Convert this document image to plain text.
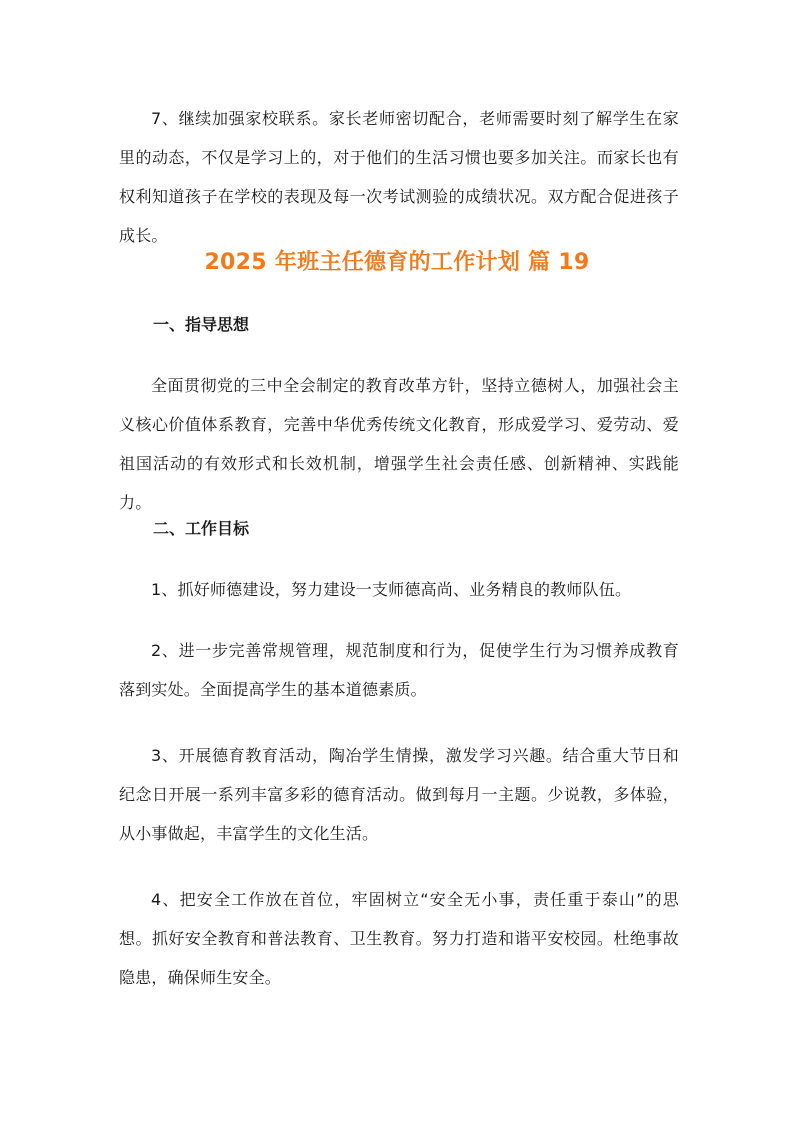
7、继续加强家校联系。家长老师密切配合，老师需要时刻了解学生在家里的动态，不仅是学习上的，对于他们的生活习惯也要多加关注。而家长也有权利知道孩子在学校的表现及每一次考试测验的成绩状况。双方配合促进孩子成长。

2025 年班主任德育的工作计划 篇 19
一、指导思想

全面贯彻党的三中全会制定的教育改革方针，坚持立德树人，加强社会主义核心价值体系教育，完善中华优秀传统文化教育，形成爱学习、爱劳动、爱祖国活动的有效形式和长效机制，增强学生社会责任感、创新精神、实践能力。

二、工作目标

1、抓好师德建设，努力建设一支师德高尚、业务精良的教师队伍。

2、进一步完善常规管理，规范制度和行为，促使学生行为习惯养成教育落到实处。全面提高学生的基本道德素质。

3、开展德育教育活动，陶冶学生情操，激发学习兴趣。结合重大节日和纪念日开展一系列丰富多彩的德育活动。做到每月一主题。少说教，多体验，从小事做起，丰富学生的文化生活。

4、把安全工作放在首位，牢固树立“安全无小事，责任重于泰山”的思想。抓好安全教育和普法教育、卫生教育。努力打造和谐平安校园。杜绝事故隐患，确保师生安全。
